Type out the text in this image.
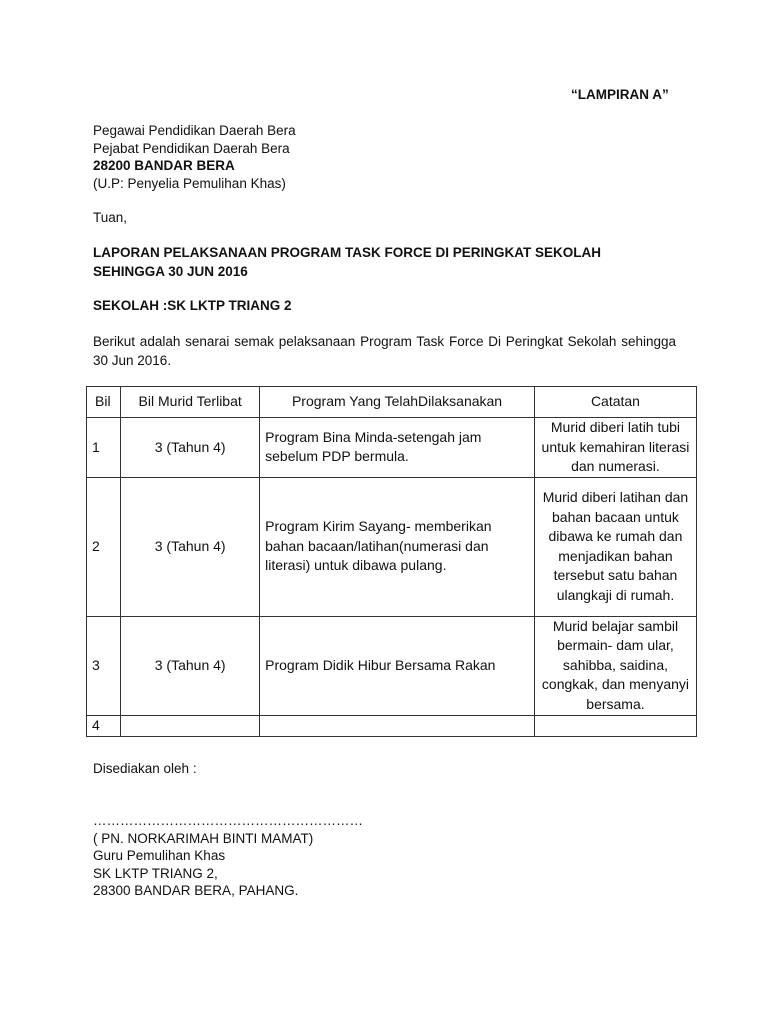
“LAMPIRAN A”
Pegawai Pendidikan Daerah Bera
Pejabat Pendidikan Daerah Bera
28200 BANDAR BERA
(U.P: Penyelia Pemulihan Khas)
Tuan,
LAPORAN PELAKSANAAN PROGRAM TASK FORCE DI PERINGKAT SEKOLAH
SEHINGGA 30 JUN 2016
SEKOLAH :SK LKTP TRIANG 2
Berikut adalah senarai semak pelaksanaan Program Task Force Di Peringkat Sekolah sehingga 30 Jun 2016.
Bil	Bil Murid Terlibat	Program Yang TelahDilaksanakan	Catatan
1	3 (Tahun 4)	Program Bina Minda-setengah jam sebelum PDP bermula.	Murid diberi latih tubi untuk kemahiran literasi dan numerasi.
2	3 (Tahun 4)	Program Kirim Sayang- memberikan bahan bacaan/latihan(numerasi dan literasi) untuk dibawa pulang.	Murid diberi latihan dan bahan bacaan untuk dibawa ke rumah dan menjadikan bahan tersebut satu bahan ulangkaji di rumah.
3	3 (Tahun 4)	Program Didik Hibur Bersama Rakan	Murid belajar sambil bermain- dam ular, sahibba, saidina, congkak, dan menyanyi bersama.
4			
Disediakan oleh :
……………………………………………………
( PN. NORKARIMAH BINTI MAMAT)
Guru Pemulihan Khas
SK LKTP TRIANG 2,
28300 BANDAR BERA, PAHANG.
